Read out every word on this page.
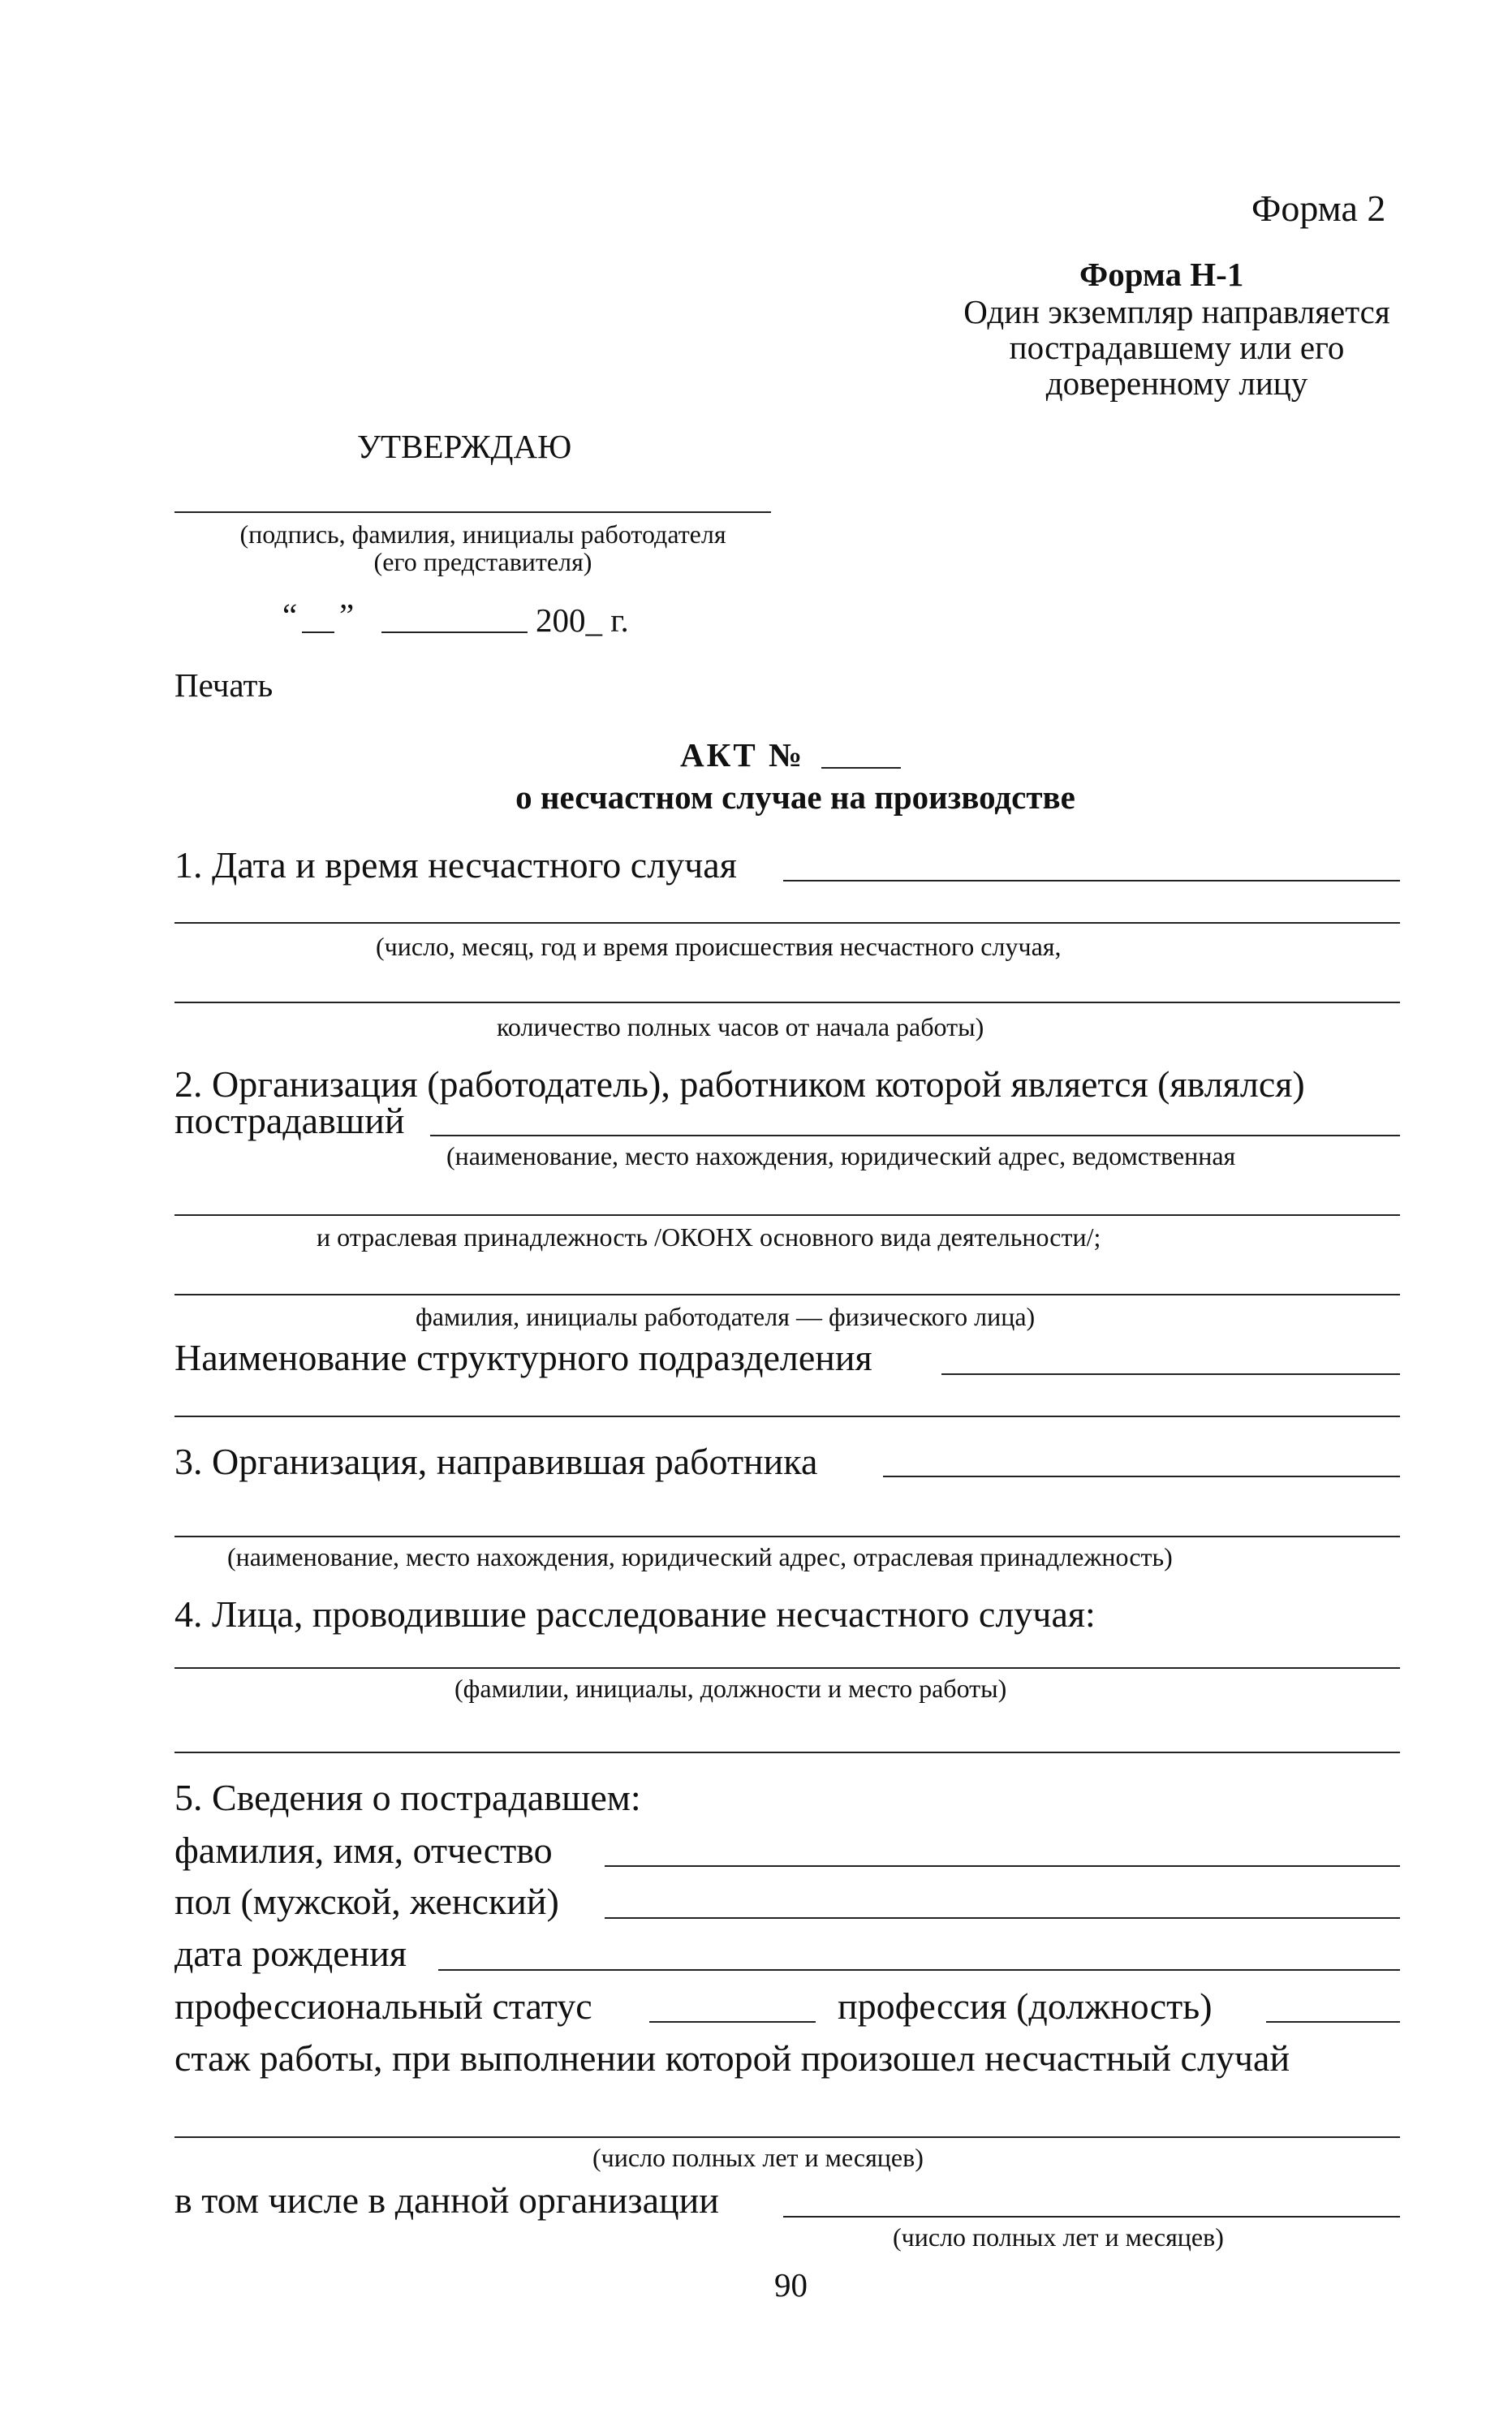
Форма 2
Форма Н-1
Один экземпляр направляется
пострадавшему или его
доверенному лицу
УТВЕРЖДАЮ
(подпись, фамилия, инициалы работодателя
(его представителя)
“ ”	200_ г.
Печать
АКТ №
о несчастном случае на производстве
1. Дата и время несчастного случая
(число, месяц, год и время происшествия несчастного случая,
количество полных часов от начала работы)
2. Организация (работодатель), работником которой является (являлся)
пострадавший
(наименование, место нахождения, юридический адрес, ведомственная
и отраслевая принадлежность /ОКОНХ основного вида деятельности/;
фамилия, инициалы работодателя — физического лица)
Наименование структурного подразделения
3. Организация, направившая работника
(наименование, место нахождения, юридический адрес, отраслевая принадлежность)
4. Лица, проводившие расследование несчастного случая:
(фамилии, инициалы, должности и место работы)
5. Сведения о пострадавшем:
фамилия, имя, отчество
пол (мужской, женский)
дата рождения
профессиональный статус	профессия (должность)
стаж работы, при выполнении которой произошел несчастный случай
(число полных лет и месяцев)
в том числе в данной организации
(число полных лет и месяцев)
90
